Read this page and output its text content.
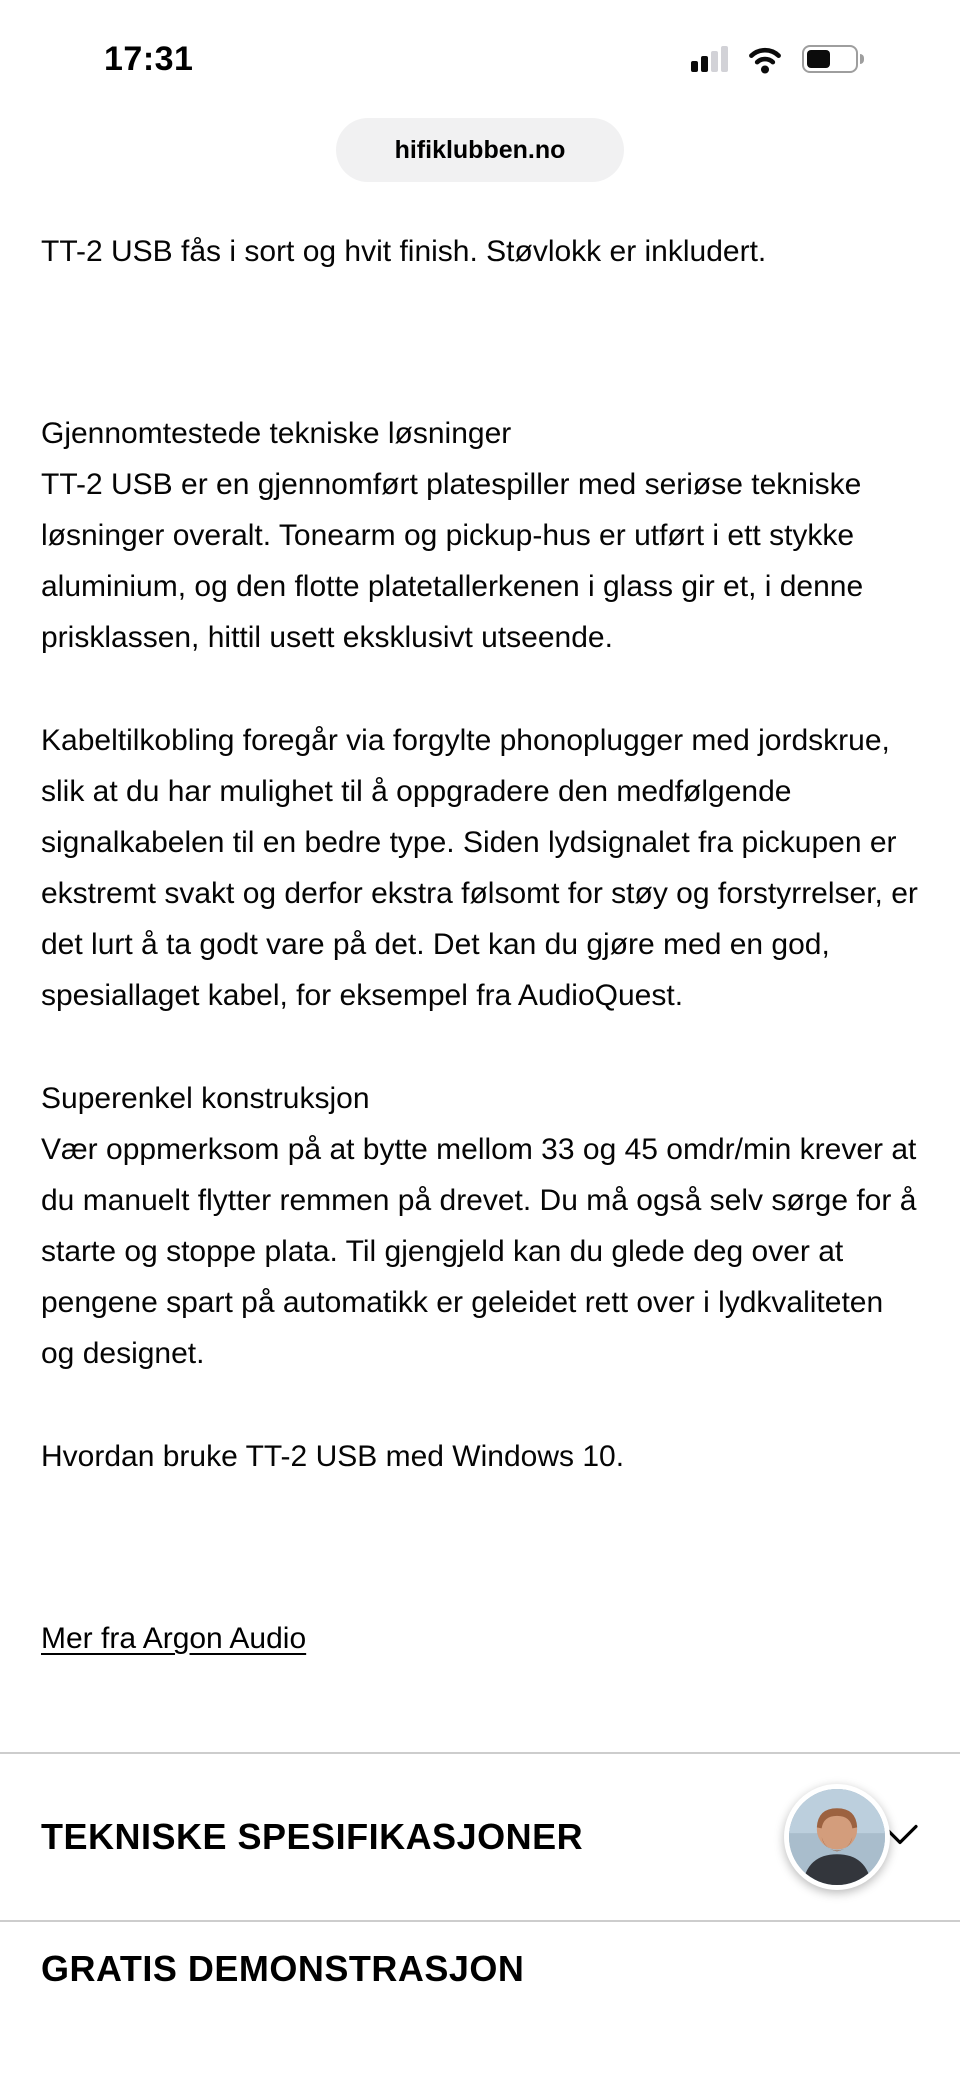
17:31
hifiklubben.no

TT-2 USB fås i sort og hvit finish. Støvlokk er inkludert.

Gjennomtestede tekniske løsninger

TT-2 USB er en gjennomført platespiller med seriøse tekniske løsninger overalt. Tonearm og pickup-hus er utført i ett stykke aluminium, og den flotte platetallerkenen i glass gir et, i denne prisklassen, hittil usett eksklusivt utseende.

Kabeltilkobling foregår via forgylte phonoplugger med jordskrue, slik at du har mulighet til å oppgradere den medfølgende signalkabelen til en bedre type. Siden lydsignalet fra pickupen er ekstremt svakt og derfor ekstra følsomt for støy og forstyrrelser, er det lurt å ta godt vare på det. Det kan du gjøre med en god, spesiallaget kabel, for eksempel fra AudioQuest.

Superenkel konstruksjon

Vær oppmerksom på at bytte mellom 33 og 45 omdr/min krever at du manuelt flytter remmen på drevet. Du må også selv sørge for å starte og stoppe plata. Til gjengjeld kan du glede deg over at pengene spart på automatikk er geleidet rett over i lydkvaliteten og designet.

Hvordan bruke TT-2 USB med Windows 10.

Mer fra Argon Audio
TEKNISKE SPESIFIKASJONER
GRATIS DEMONSTRASJON
